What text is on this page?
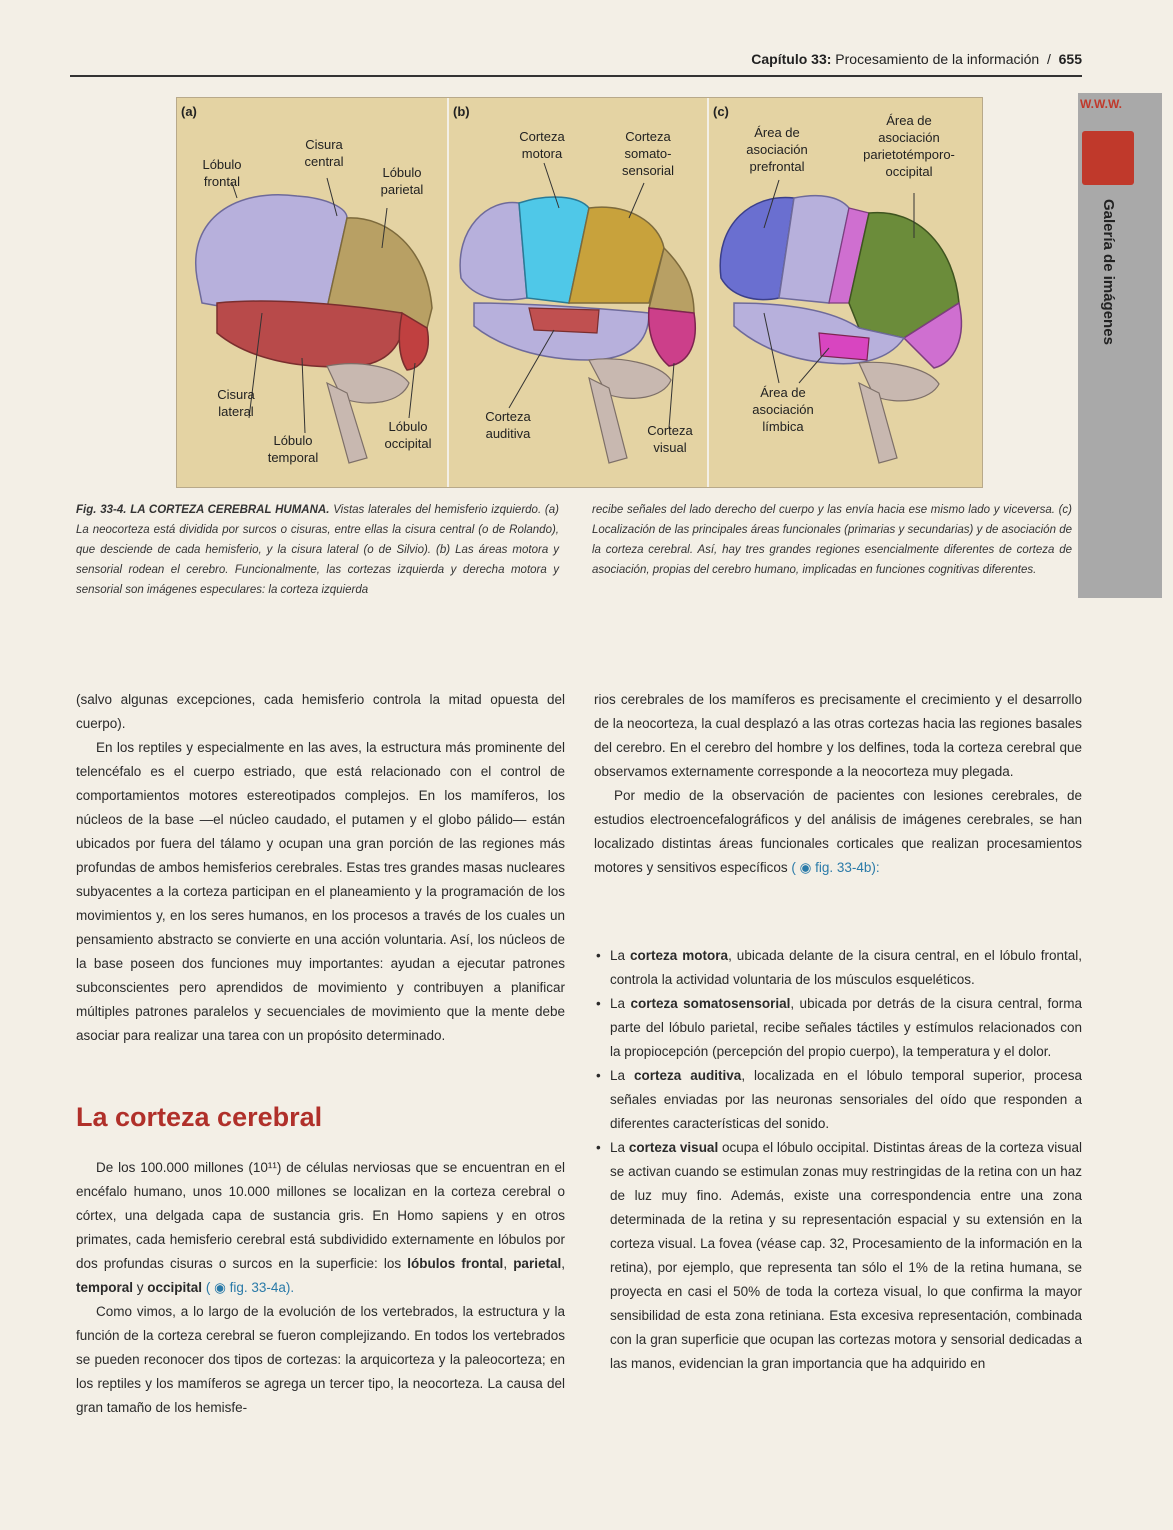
Capítulo 33: Procesamiento de la información  /  655
W.W.W.
Galería de imágenes
(a)
Lóbulo
frontal
Cisura
central
Lóbulo
parietal
Cisura
lateral
Lóbulo
temporal
Lóbulo
occipital
(b)
Corteza
motora
Corteza
somato-
sensorial
Corteza
auditiva	Corteza
visual
(c)
Área de
asociación
prefrontal
Área de
asociación
parietotémporo-
occipital
Área de
asociación
límbica
Fig. 33-4. LA CORTEZA CEREBRAL HUMANA. Vistas laterales del hemisferio izquierdo. (a) La neocorteza está dividida por surcos o cisuras, entre ellas la cisura central (o de Rolando), que desciende de cada hemisferio, y la cisura lateral (o de Silvio). (b) Las áreas motora y sensorial rodean el cerebro. Funcionalmente, las cortezas izquierda y derecha motora y sensorial son imágenes especulares: la corteza izquierda
recibe señales del lado derecho del cuerpo y las envía hacia ese mismo lado y viceversa. (c) Localización de las principales áreas funcionales (primarias y secundarias) y de asociación de la corteza cerebral. Así, hay tres grandes regiones esencialmente diferentes de corteza de asociación, propias del cerebro humano, implicadas en funciones cognitivas diferentes.

(salvo algunas excepciones, cada hemisferio controla la mitad opuesta del cuerpo).

En los reptiles y especialmente en las aves, la estructura más prominente del telencéfalo es el cuerpo estriado, que está relacionado con el control de comportamientos motores estereotipados complejos. En los mamíferos, los núcleos de la base —el núcleo caudado, el putamen y el globo pálido— están ubicados por fuera del tálamo y ocupan una gran porción de las regiones más profundas de ambos hemisferios cerebrales. Estas tres grandes masas nucleares subyacentes a la corteza participan en el planeamiento y la programación de los movimientos y, en los seres humanos, en los procesos a través de los cuales un pensamiento abstracto se convierte en una acción voluntaria. Así, los núcleos de la base poseen dos funciones muy importantes: ayudan a ejecutar patrones subconscientes pero aprendidos de movimiento y contribuyen a planificar múltiples patrones paralelos y secuenciales de movimiento que la mente debe asociar para realizar una tarea con un propósito determinado.

La corteza cerebral

De los 100.000 millones (10¹¹) de células nerviosas que se encuentran en el encéfalo humano, unos 10.000 millones se localizan en la corteza cerebral o córtex, una delgada capa de sustancia gris. En Homo sapiens y en otros primates, cada hemisferio cerebral está subdividido externamente en lóbulos por dos profundas cisuras o surcos en la superficie: los lóbulos frontal, parietal, temporal y occipital ( ◉ fig. 33-4a).

Como vimos, a lo largo de la evolución de los vertebrados, la estructura y la función de la corteza cerebral se fueron complejizando. En todos los vertebrados se pueden reconocer dos tipos de cortezas: la arquicorteza y la paleocorteza; en los reptiles y los mamíferos se agrega un tercer tipo, la neocorteza. La causa del gran tamaño de los hemisfe-

rios cerebrales de los mamíferos es precisamente el crecimiento y el desarrollo de la neocorteza, la cual desplazó a las otras cortezas hacia las regiones basales del cerebro. En el cerebro del hombre y los delfines, toda la corteza cerebral que observamos externamente corresponde a la neocorteza muy plegada.

Por medio de la observación de pacientes con lesiones cerebrales, de estudios electroencefalográficos y del análisis de imágenes cerebrales, se han localizado distintas áreas funcionales corticales que realizan procesamientos motores y sensitivos específicos ( ◉ fig. 33-4b):

• La corteza motora, ubicada delante de la cisura central, en el lóbulo frontal, controla la actividad voluntaria de los músculos esqueléticos.
• La corteza somatosensorial, ubicada por detrás de la cisura central, forma parte del lóbulo parietal, recibe señales táctiles y estímulos relacionados con la propiocepción (percepción del propio cuerpo), la temperatura y el dolor.
• La corteza auditiva, localizada en el lóbulo temporal superior, procesa señales enviadas por las neuronas sensoriales del oído que responden a diferentes características del sonido.
• La corteza visual ocupa el lóbulo occipital. Distintas áreas de la corteza visual se activan cuando se estimulan zonas muy restringidas de la retina con un haz de luz muy fino. Además, existe una correspondencia entre una zona determinada de la retina y su representación espacial y su extensión en la corteza visual. La fovea (véase cap. 32, Procesamiento de la información en la retina), por ejemplo, que representa tan sólo el 1% de la retina humana, se proyecta en casi el 50% de toda la corteza visual, lo que confirma la mayor sensibilidad de esta zona retiniana. Esta excesiva representación, combinada con la gran superficie que ocupan las cortezas motora y sensorial dedicadas a las manos, evidencian la gran importancia que ha adquirido en
